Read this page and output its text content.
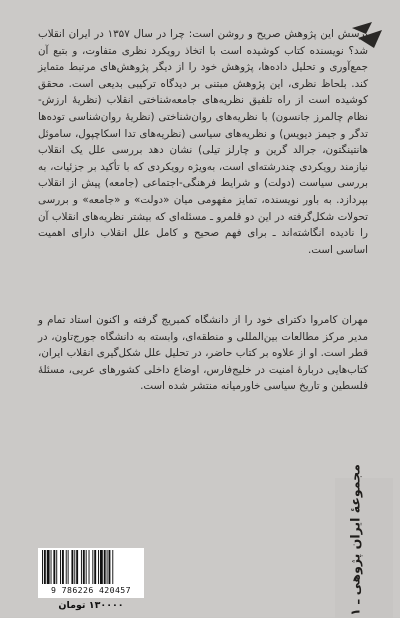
پرسش این پژوهش صریح و روشن است: چرا در سال ۱۳۵۷ در ایران انقلاب شد؟ نویسنده کتاب کوشیده است با اتخاذ رویکرد نظری متفاوت، و بتبع آن جمع‌آوری و تحلیل داده‌ها، پژوهش خود را از دیگر پژوهش‌های مرتبط متمایز کند. بلحاظ نظری، این پژوهش مبتنی بر دیدگاه ترکیبی بدیعی است. محقق کوشیده است از راه تلفیق نظریه‌های جامعه‌شناختی انقلاب (نظریهٔ ارزش-نظام چالمرز جانسون) با نظریه‌های روان‌شناختی (نظریهٔ روان‌شناسی توده‌ها تدگر و جیمز دیویس) و نظریه‌های سیاسی (نظریه‌های تدا اسکاچپول، ساموئل هانتینگتون، جرالد گرین و چارلز تیلی) نشان دهد بررسی علل یک انقلاب نیازمند رویکردی چندرشته‌ای است، به‌ویژه رویکردی که با تأکید بر جزئیات، به بررسی سیاست (دولت) و شرایط فرهنگی-اجتماعی (جامعه) پیش از انقلاب بپردازد. به باور نویسنده، تمایز مفهومی میان «دولت» و «جامعه» و بررسی تحولات شکل‌گرفته در این دو قلمرو ـ مسئله‌ای که بیشتر نظریه‌های انقلاب آن را نادیده انگاشته‌اند ـ برای فهم صحیح و کامل علل انقلاب دارای اهمیت اساسی است.

مهران کامروا دکترای خود را از دانشگاه کمبریج گرفته و اکنون استاد تمام و مدیر مرکز مطالعات بین‌المللی و منطقه‌ای، وابسته به دانشگاه جورج‌تاون، در قطر است. او از علاوه بر کتاب حاضر، در تحلیل علل شکل‌گیری انقلاب ایران، کتاب‌هایی دربارهٔ امنیت در خلیج‌فارس، اوضاع داخلی کشورهای عربی، مسئلهٔ فلسطین و تاریخ سیاسی خاورمیانه منتشر شده است.

مجموعهٔ ایران پژوهی ـ ۱
9 786226 420457
۱۳۰۰۰۰ تومان
